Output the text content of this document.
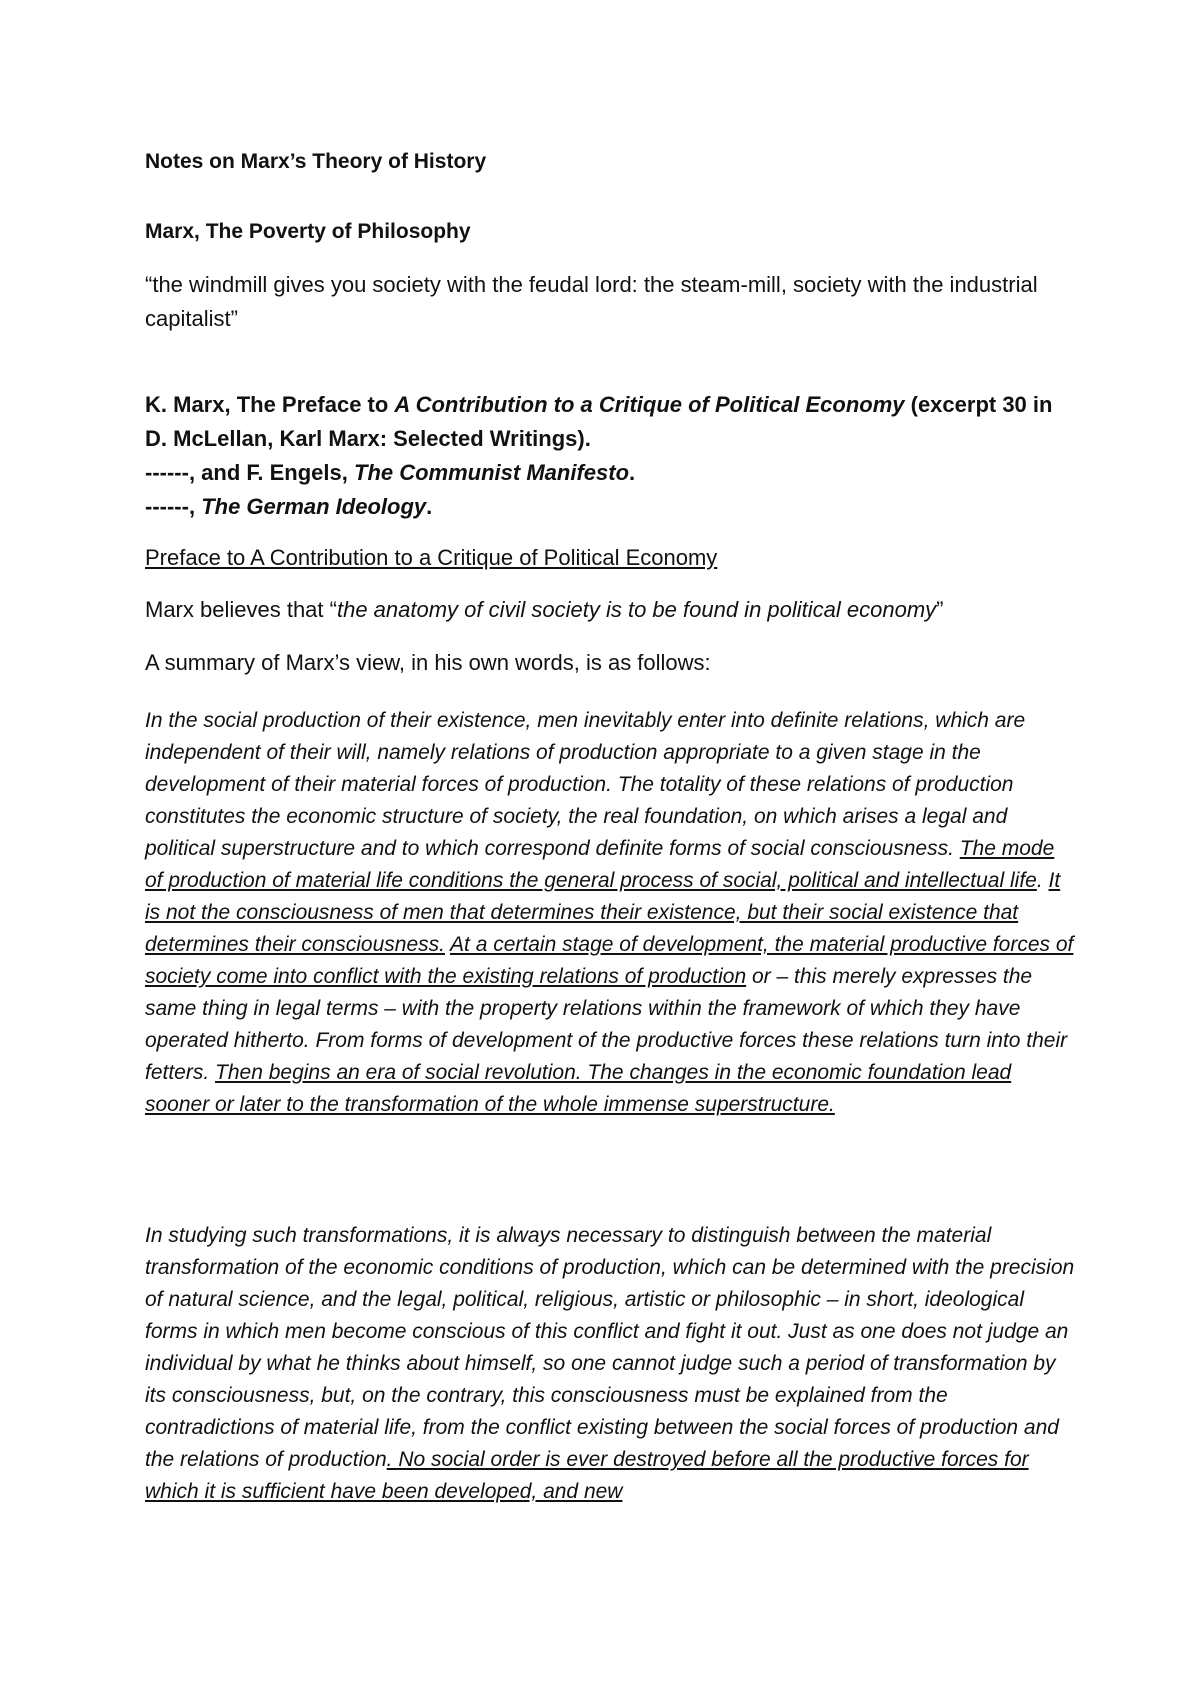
Notes on Marx’s Theory of History

Marx, The Poverty of Philosophy

“the windmill gives you society with the feudal lord: the steam-mill, society with the industrial capitalist”

K. Marx, The Preface to A Contribution to a Critique of Political Economy (excerpt 30 in D. McLellan, Karl Marx: Selected Writings).
------, and F. Engels, The Communist Manifesto.
------, The German Ideology.

Preface to A Contribution to a Critique of Political Economy

Marx believes that “the anatomy of civil society is to be found in political economy”

A summary of Marx’s view, in his own words, is as follows:

In the social production of their existence, men inevitably enter into definite relations, which are independent of their will, namely relations of production appropriate to a given stage in the development of their material forces of production. The totality of these relations of production constitutes the economic structure of society, the real foundation, on which arises a legal and political superstructure and to which correspond definite forms of social consciousness. The mode of production of material life conditions the general process of social, political and intellectual life. It is not the consciousness of men that determines their existence, but their social existence that determines their consciousness. At a certain stage of development, the material productive forces of society come into conflict with the existing relations of production or – this merely expresses the same thing in legal terms – with the property relations within the framework of which they have operated hitherto. From forms of development of the productive forces these relations turn into their fetters. Then begins an era of social revolution. The changes in the economic foundation lead sooner or later to the transformation of the whole immense superstructure.

In studying such transformations, it is always necessary to distinguish between the material transformation of the economic conditions of production, which can be determined with the precision of natural science, and the legal, political, religious, artistic or philosophic – in short, ideological forms in which men become conscious of this conflict and fight it out. Just as one does not judge an individual by what he thinks about himself, so one cannot judge such a period of transformation by its consciousness, but, on the contrary, this consciousness must be explained from the contradictions of material life, from the conflict existing between the social forces of production and the relations of production. No social order is ever destroyed before all the productive forces for which it is sufficient have been developed, and new
